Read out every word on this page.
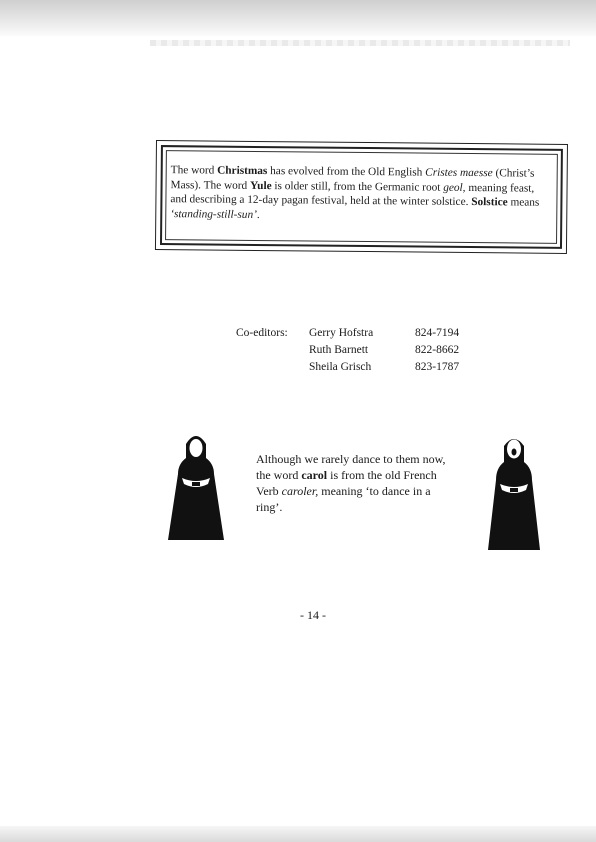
The word Christmas has evolved from the Old English Cristes maesse (Christ’s Mass). The word Yule is older still, from the Germanic root geol, meaning feast, and describing a 12-day pagan festival, held at the winter solstice. Solstice means ‘standing-still-sun’.

Co-editors: Gerry Hofstra	824-7194
Ruth Barnett	822-8662
Sheila Grisch	823-1787

Although we rarely dance to them now, the word carol is from the old French Verb caroler, meaning ‘to dance in a ring’.

- 14 -
